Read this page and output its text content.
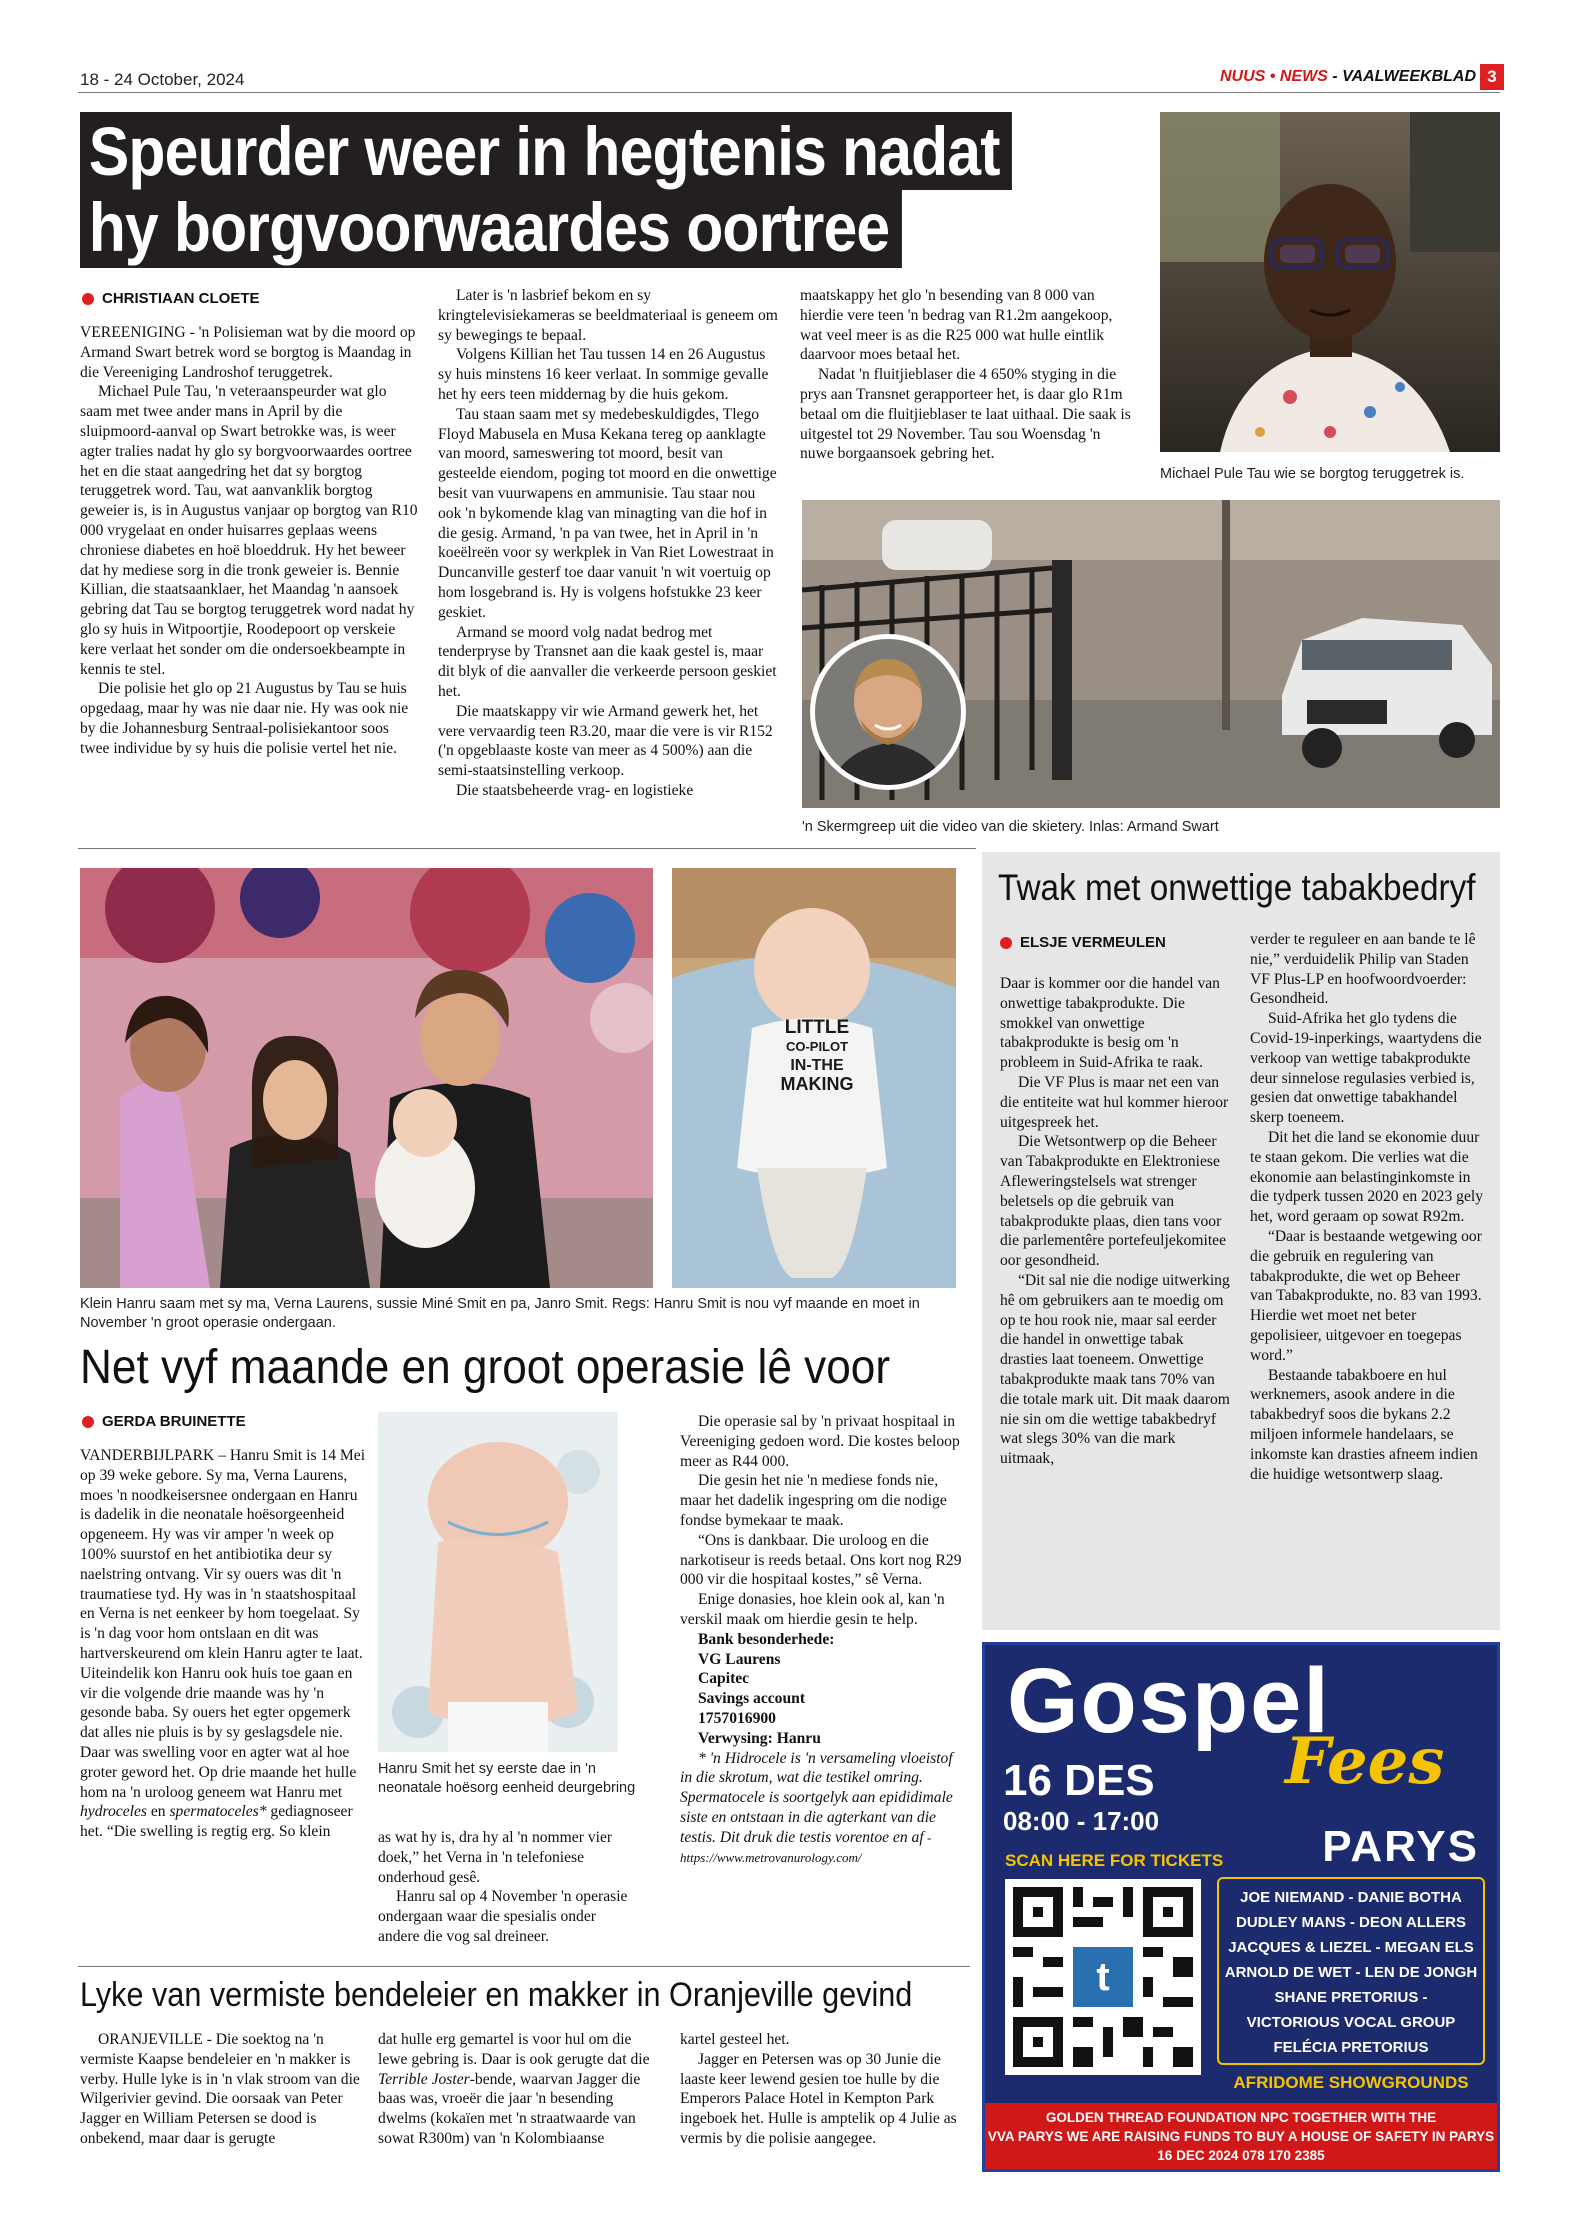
18 - 24 October, 2024	NUUS • NEWS - VAALWEEKBLAD 3
Speurder weer in hegtenis nadat
hy borgvoorwaardes oortree
CHRISTIAAN CLOETE

VEREENIGING - 'n Polisieman wat by die moord op Armand Swart betrek word se borgtog is Maandag in die Vereeniging Landroshof teruggetrek.

Michael Pule Tau, 'n veteraanspeurder wat glo saam met twee ander mans in April by die sluipmoord-aanval op Swart betrokke was, is weer agter tralies nadat hy glo sy borgvoorwaardes oortree het en die staat aangedring het dat sy borgtog teruggetrek word. Tau, wat aanvanklik borgtog geweier is, is in Augustus vanjaar op borgtog van R10 000 vrygelaat en onder huisarres geplaas weens chroniese diabetes en hoë bloeddruk. Hy het beweer dat hy mediese sorg in die tronk geweier is. Bennie Killian, die staatsaanklaer, het Maandag 'n aansoek gebring dat Tau se borgtog teruggetrek word nadat hy glo sy huis in Witpoortjie, Roodepoort op verskeie kere verlaat het sonder om die ondersoekbeampte in kennis te stel.

Die polisie het glo op 21 Augustus by Tau se huis opgedaag, maar hy was nie daar nie. Hy was ook nie by die Johannesburg Sentraal-polisiekantoor soos twee individue by sy huis die polisie vertel het nie.

Later is 'n lasbrief bekom en sy kringtelevisiekameras se beeldmateriaal is geneem om sy bewegings te bepaal.

Volgens Killian het Tau tussen 14 en 26 Augustus sy huis minstens 16 keer verlaat. In sommige gevalle het hy eers teen middernag by die huis gekom.

Tau staan saam met sy medebeskuldigdes, Tlego Floyd Mabusela en Musa Kekana tereg op aanklagte van moord, sameswering tot moord, besit van gesteelde eiendom, poging tot moord en die onwettige besit van vuurwapens en ammunisie. Tau staar nou ook 'n bykomende klag van minagting van die hof in die gesig. Armand, 'n pa van twee, het in April in 'n koeëlreën voor sy werkplek in Van Riet Lowestraat in Duncanville gesterf toe daar vanuit 'n wit voertuig op hom losgebrand is. Hy is volgens hofstukke 23 keer geskiet.

Armand se moord volg nadat bedrog met tenderpryse by Transnet aan die kaak gestel is, maar dit blyk of die aanvaller die verkeerde persoon geskiet het.

Die maatskappy vir wie Armand gewerk het, het vere vervaardig teen R3.20, maar die vere is vir R152 ('n opgeblaaste koste van meer as 4 500%) aan die semi-staatsinstelling verkoop.

Die staatsbeheerde vrag- en logistieke

maatskappy het glo 'n besending van 8 000 van hierdie vere teen 'n bedrag van R1.2m aangekoop, wat veel meer is as die R25 000 wat hulle eintlik daarvoor moes betaal het.

Nadat 'n fluitjieblaser die 4 650% styging in die prys aan Transnet gerapporteer het, is daar glo R1m betaal om die fluitjieblaser te laat uithaal. Die saak is uitgestel tot 29 November. Tau sou Woensdag 'n nuwe borgaansoek gebring het.

Michael Pule Tau wie se borgtog teruggetrek is.
'n Skermgreep uit die video van die skietery. Inlas: Armand Swart
LITTLE
CO-PILOT
IN-THE
MAKING
Klein Hanru saam met sy ma, Verna Laurens, sussie Miné Smit en pa, Janro Smit. Regs: Hanru Smit is nou vyf maande en moet in November 'n groot operasie ondergaan.
Net vyf maande en groot operasie lê voor
GERDA BRUINETTE

VANDERBIJLPARK – Hanru Smit is 14 Mei op 39 weke gebore. Sy ma, Verna Laurens, moes 'n noodkeisersnee ondergaan en Hanru is dadelik in die neonatale hoësorgeenheid opgeneem. Hy was vir amper 'n week op 100% suurstof en het antibiotika deur sy naelstring ontvang. Vir sy ouers was dit 'n traumatiese tyd. Hy was in 'n staatshospitaal en Verna is net eenkeer by hom toegelaat. Sy is 'n dag voor hom ontslaan en dit was hartverskeurend om klein Hanru agter te laat. Uiteindelik kon Hanru ook huis toe gaan en vir die volgende drie maande was hy 'n gesonde baba. Sy ouers het egter opgemerk dat alles nie pluis is by sy geslagsdele nie. Daar was swelling voor en agter wat al hoe groter geword het. Op drie maande het hulle hom na 'n uroloog geneem wat Hanru met hydroceles en spermatoceles* gediagnoseer het. “Die swelling is regtig erg. So klein

Hanru Smit het sy eerste dae in 'n neonatale hoësorg eenheid deurgebring

as wat hy is, dra hy al 'n nommer vier doek,” het Verna in 'n telefoniese onderhoud gesê.

Hanru sal op 4 November 'n operasie ondergaan waar die spesialis onder andere die vog sal dreineer.

Die operasie sal by 'n privaat hospitaal in Vereeniging gedoen word. Die kostes beloop meer as R44 000.

Die gesin het nie 'n mediese fonds nie, maar het dadelik ingespring om die nodige fondse bymekaar te maak.

“Ons is dankbaar. Die uroloog en die narkotiseur is reeds betaal. Ons kort nog R29 000 vir die hospitaal kostes,” sê Verna.

Enige donasies, hoe klein ook al, kan 'n verskil maak om hierdie gesin te help.

Bank besonderhede:
VG Laurens
Capitec
Savings account
1757016900
Verwysing: Hanru

* 'n Hidrocele is 'n versameling vloeistof in die skrotum, wat die testikel omring. Spermatocele is soortgelyk aan epididimale siste en ontstaan in die agterkant van die testis. Dit druk die testis vorentoe en af - https://www.metrovanurology.com/

Lyke van vermiste bendeleier en makker in Oranjeville gevind

ORANJEVILLE - Die soektog na 'n vermiste Kaapse bendeleier en 'n makker is verby. Hulle lyke is in 'n vlak stroom van die Wilgerivier gevind. Die oorsaak van Peter Jagger en William Petersen se dood is onbekend, maar daar is gerugte

dat hulle erg gemartel is voor hul om die lewe gebring is. Daar is ook gerugte dat die Terrible Joster-bende, waarvan Jagger die baas was, vroeër die jaar 'n besending dwelms (kokaïen met 'n straatwaarde van sowat R300m) van 'n Kolombiaanse

kartel gesteel het.

Jagger en Petersen was op 30 Junie die laaste keer lewend gesien toe hulle by die Emperors Palace Hotel in Kempton Park ingeboek het. Hulle is amptelik op 4 Julie as vermis by die polisie aangegee.

Twak met onwettige tabakbedryf
ELSJE VERMEULEN

Daar is kommer oor die handel van onwettige tabakprodukte. Die smokkel van onwettige tabakprodukte is besig om 'n probleem in Suid-Afrika te raak.

Die VF Plus is maar net een van die entiteite wat hul kommer hieroor uitgespreek het.

Die Wetsontwerp op die Beheer van Tabakprodukte en Elektroniese Afleweringstelsels wat strenger beletsels op die gebruik van tabakprodukte plaas, dien tans voor die parlementêre portefeuljekomitee oor gesondheid.

“Dit sal nie die nodige uitwerking hê om gebruikers aan te moedig om op te hou rook nie, maar sal eerder die handel in onwettige tabak drasties laat toeneem. Onwettige tabakprodukte maak tans 70% van die totale mark uit. Dit maak daarom nie sin om die wettige tabakbedryf wat slegs 30% van die mark uitmaak,

verder te reguleer en aan bande te lê nie,” verduidelik Philip van Staden VF Plus-LP en hoofwoordvoerder: Gesondheid.

Suid-Afrika het glo tydens die Covid-19-inperkings, waartydens die verkoop van wettige tabakprodukte deur sinnelose regulasies verbied is, gesien dat onwettige tabakhandel skerp toeneem.

Dit het die land se ekonomie duur te staan gekom. Die verlies wat die ekonomie aan belastinginkomste in die tydperk tussen 2020 en 2023 gely het, word geraam op sowat R92m.

“Daar is bestaande wetgewing oor die gebruik en regulering van tabakprodukte, die wet op Beheer van Tabakprodukte, no. 83 van 1993. Hierdie wet moet net beter gepolisieer, uitgevoer en toegepas word.”

Bestaande tabakboere en hul werknemers, asook andere in die tabakbedryf soos die bykans 2.2 miljoen informele handelaars, se inkomste kan drasties afneem indien die huidige wetsontwerp slaag.

Gospel
Fees
16 DES
08:00 - 17:00
PARYS
SCAN HERE FOR TICKETS
t
JOE NIEMAND - DANIE BOTHA
DUDLEY MANS - DEON ALLERS
JACQUES & LIEZEL - MEGAN ELS
ARNOLD DE WET - LEN DE JONGH
SHANE PRETORIUS -
VICTORIOUS VOCAL GROUP
FELÉCIA PRETORIUS
AFRIDOME SHOWGROUNDS
GOLDEN THREAD FOUNDATION NPC TOGETHER WITH THE
VVA PARYS WE ARE RAISING FUNDS TO BUY A HOUSE OF SAFETY IN PARYS
16 DEC 2024 078 170 2385
